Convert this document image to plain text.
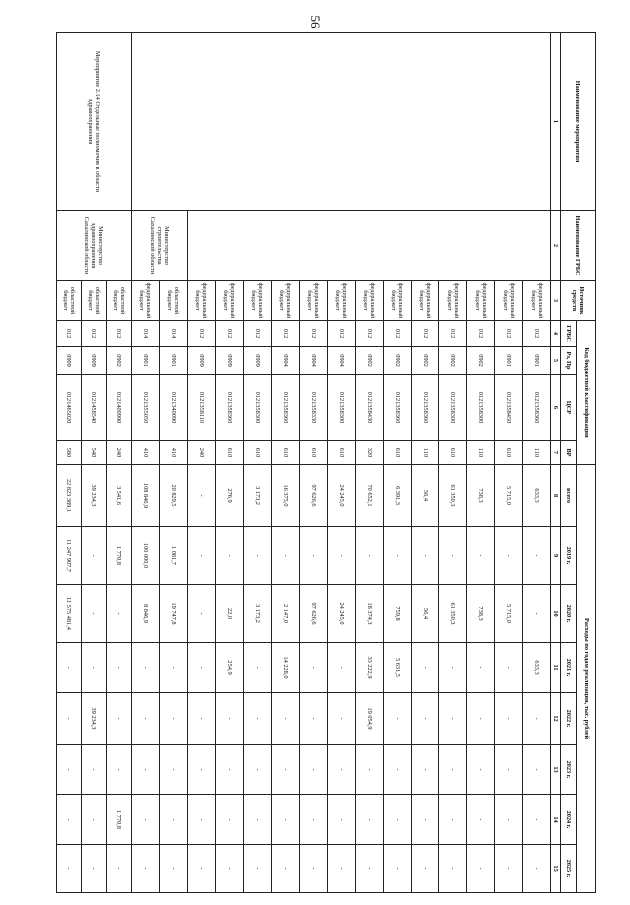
56
Наименование мероприятия	Наименование ГРБС	Источник средств	Код бюджетной классификации				Расходы по годам реализации, тыс. рублей							
			ГРБС	Рз, Пр	ЦСР	ВР	всего	2019 г.	2020 г.	2021 г.	2022 г.	2023 г.	2024 г.	2025 г.
1	2	3	4	5	6	7	8	9	10	11	12	13	14	15
		федеральный бюджет	012	0901	0121358360	110	633,3	-	-	633,3	-	-	-	-
		федеральный бюджет	012	0901	0121358450	610	5 715,0	-	5 715,0	-	-	-	-	-
		федеральный бюджет	012	0902	0121358300	110	738,3	-	738,3	-	-	-	-	-
		федеральный бюджет	012	0902	0121358300	610	61 350,3	-	61 350,3	-	-	-	-	-
		федеральный бюджет	012	0902	0121358360	110	56,4	-	56,4	-	-	-	-	-
		федеральный бюджет	012	0902	0121358360	610	6 391,3	-	759,8	5 631,5	-	-	-	-
		федеральный бюджет	012	0902	0121358430	320	70 652,1	-	18 374,3	33 222,9	19 054,9	-	-	-
		федеральный бюджет	012	0904	0121358300	610	24 245,0	-	24 245,0	-	-	-	-	-
		федеральный бюджет	012	0904	0121358330	610	97 626,6	-	97 626,6	-	-	-	-	-
		федеральный бюджет	012	0904	0121358360	610	16 375,0	-	2 147,0	14 228,0	-	-	-	-
		федеральный бюджет	012	0909	0121358300	610	3 173,2	-	3 173,2	-	-	-	-	-
		федеральный бюджет	012	0909	0121358360	610	276,9	-	22,0	254,9	-	-	-	-
		федеральный бюджет	012	0909	0121358110	240	-	-	-	-	-	-	-	-
	Министерство строительства Сахалинской области	областной бюджет	014	0901	0121340090	410	20 829,5	1 081,7	19 747,8	-	-	-	-	-
		федеральный бюджет	014	0901	0121355050	410	108 846,9	100 000,0	8 846,9	-	-	-	-	-
Мероприятие 2.14 Отдельные полномочия в области здравоохранения	Министерство здравоохранения Сахалинской области	областной бюджет	012	0902	0121400990	240	3 541,6	1 770,8	-	-	-	-	1 770,8	-
		областной бюджет	012	0909	0121458540	540	39 234,3	-	-	-	39 234,3	-	-	-
		областной бюджет	012	0909	0121465020	580	22 823 389,1	11 247 907,7	11 575 481,4	-	-	-	-	-
